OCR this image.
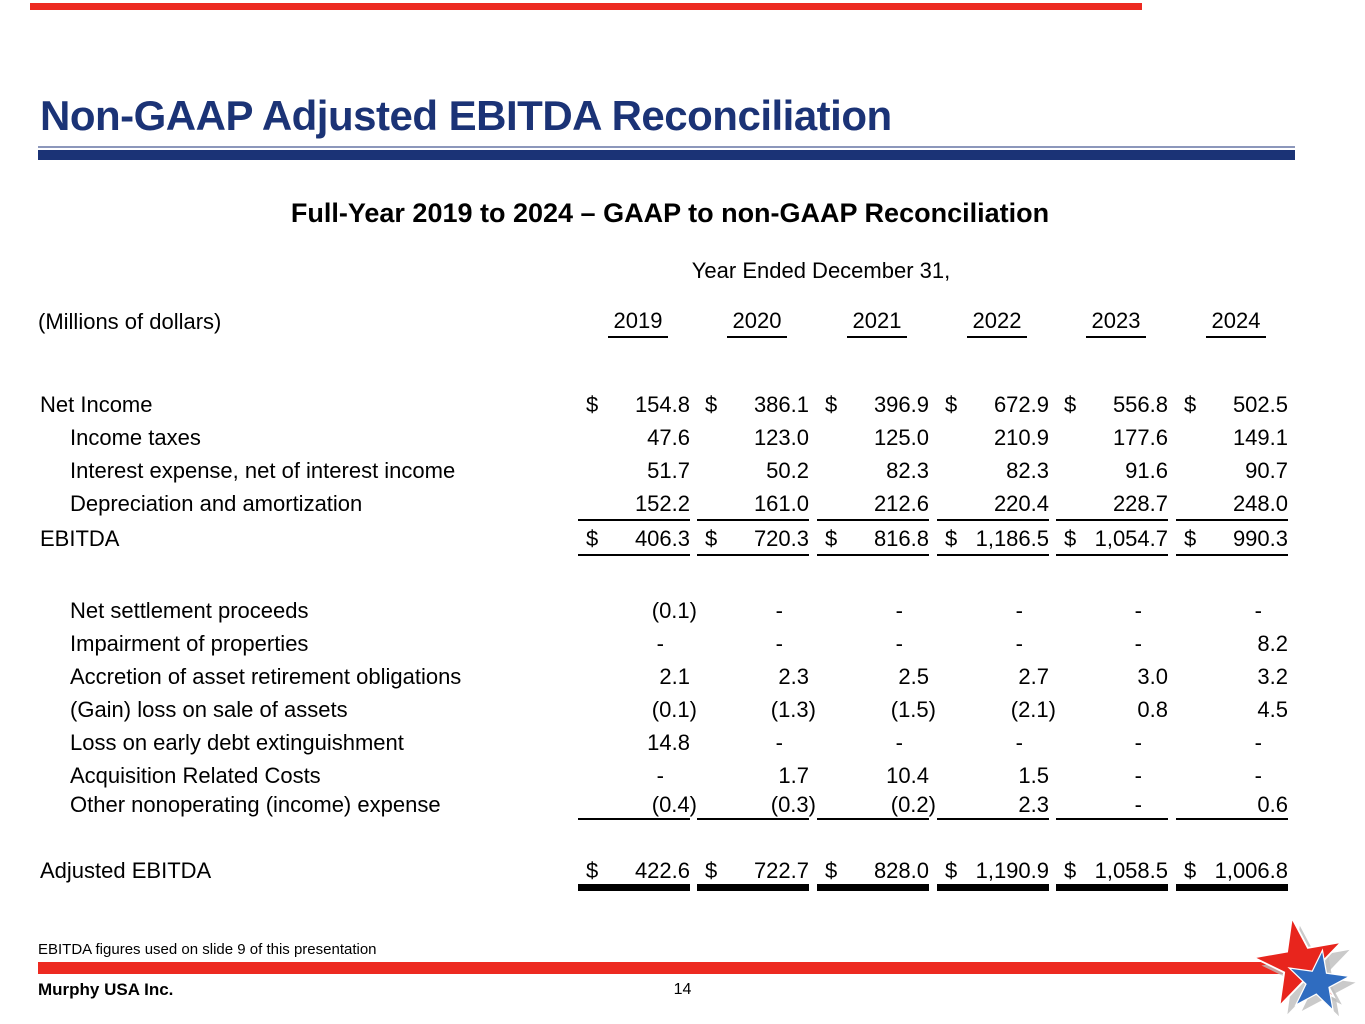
Non-GAAP Adjusted EBITDA Reconciliation
Full-Year 2019 to 2024 – GAAP to non-GAAP Reconciliation
Year Ended December 31,
(Millions of dollars)	2019	2020	2021	2022	2023	2024
Net Income	$ 154.8 $ 386.1 $ 396.9 $ 672.9 $ 556.8 $ 502.5
Income taxes	47.6	123.0	125.0	210.9	177.6	149.1
Interest expense, net of interest income	51.7	50.2	82.3	82.3	91.6	90.7
Depreciation and amortization	152.2	161.0	212.6	220.4	228.7	248.0
EBITDA	$ 406.3 $ 720.3 $ 816.8 $ 1,186.5 $ 1,054.7 $ 990.3
Net settlement proceeds	(0.1)	-	-	-	-	-
Impairment of properties	-	-	-	-	-	8.2
Accretion of asset retirement obligations	2.1	2.3	2.5	2.7	3.0	3.2
(Gain) loss on sale of assets	(0.1)	(1.3)	(1.5)	(2.1)	0.8	4.5
Loss on early debt extinguishment	14.8	-	-	-	-	-
Acquisition Related Costs	-	1.7	10.4	1.5	-	-
Other nonoperating (income) expense	(0.4)	(0.3)	(0.2)	2.3	-	0.6
Adjusted EBITDA	$ 422.6 $ 722.7 $ 828.0 $ 1,190.9 $ 1,058.5 $ 1,006.8
EBITDA figures used on slide 9 of this presentation
Murphy USA Inc.	14
